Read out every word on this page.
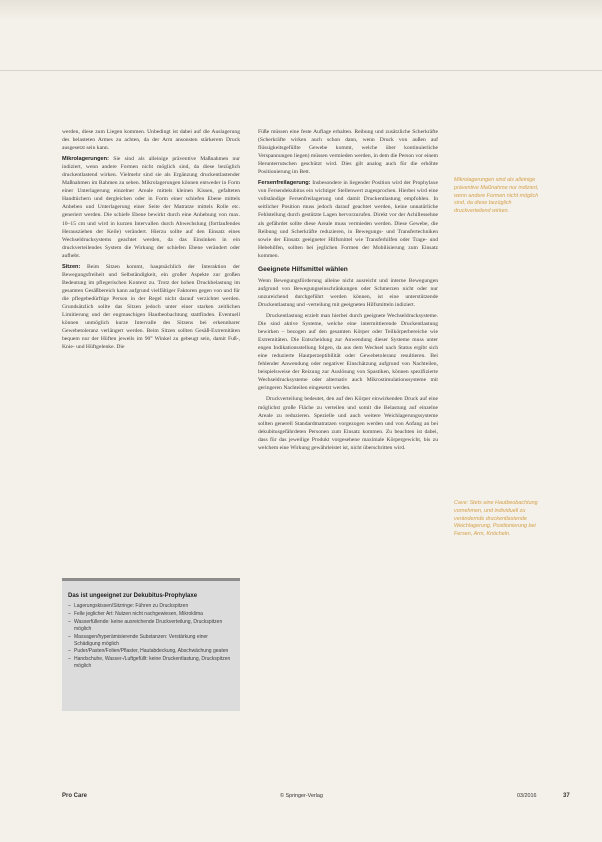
werden, diese zum Liegen kommen. Unbedingt ist dabei auf die Auslagerung des belasteten Armes zu achten, da der Arm ansonsten stärkerem Druck ausgesetzt sein kann.

Mikrolagerungen: Sie sind als alleinige präventive Maßnahmen nur indiziert, wenn andere Formen nicht möglich sind, da diese bezüglich druckentlastend wirken. Vielmehr sind sie als Ergänzung druckentlastender Maßnahmen im Rahmen zu sehen. Mikrolagerungen können entweder in Form einer Unterlagerung einzelner Areale mittels kleinen Kissen, gefalteten Handtüchern und dergleichen oder in Form einer schiefen Ebene mittels Anheben und Unterlagerung einer Seite der Matratze mittels Rolle etc. generiert werden. Die schiefe Ebene bewirkt durch eine Anhebung von max. 10–15 cm und wird in kurzen Intervallen durch Abwechslung (fortlaufendes Herausziehen der Keile) verändert. Hierzu sollte auf den Einsatz eines Wechseldrucksystems geachtet werden, da das Einsinken in ein druckverteilendes System die Wirkung der schiefen Ebene verändert oder aufhebt.

Sitzen: Beim Sitzen kommt, hauptsächlich der Interaktion der Bewegungsfreiheit und Selbständigkeit, ein großer Aspekte zur großen Bedeutung im pflegerischen Kontext zu. Trotz der hohen Druckbelastung im gesamten Gesäßbereich kann aufgrund vielfältiger Faktoren gegen von und für die pflegebedürftige Person in der Regel nicht darauf verzichtet werden. Grundsätzlich sollte das Sitzen jedoch unter einer starken zeitlichen Limitierung und der engmaschigen Hautbeobachtung stattfinden. Eventuell können unmöglich kurze Intervalle des Sitzens bei erkennbarer Gewebetoleranz verlängert werden. Beim Sitzen sollten Gesäß-Extremitäten bequem nur der Hüften jeweils im 90° Winkel zu gebeugt sein, damit Fuß-, Knie- und Hüftgelenke. Die

Füße müssen eine feste Auflage erhalten. Reibung und zusätzliche Scherkräfte (Scherkräfte wirken auch schon dann, wenn Druck von außen auf flüssigkeitsgefüllte Gewebe kommt, welche über kontinuierliche Verspannungen liegen) müssen vermieden werden, in dem die Person vor einem Herunterrutschen geschützt wird. Dies gilt analog auch für die erhöhte Positionierung im Bett.

Fersenfreilagerung: Insbesondere in liegender Position wird der Prophylaxe von Fersendekubitus ein wichtiger Stellenwert zugesprochen. Hierbei wird eine vollständige Fersenfreilagerung und damit Druckentlastung empfohlen. In seitlicher Position muss jedoch darauf geachtet werden, keine unnatürliche Fehlstellung durch gestützte Lagen hervorzurufen. Direkt vor der Achillessehne als gefährdet sollte diese Areale muss vermieden werden. Diese Gewebe, die Reibung und Scherkräfte reduzieren, in Bewegungs- und Transfertechniken sowie der Einsatz geeigneter Hilfsmittel wie Transferhilfen oder Trage- und Hebehilfen, sollten bei jeglichen Formen der Mobilisierung zum Einsatz kommen.

Geeignete Hilfsmittel wählen

Wenn Bewegungsförderung alleine nicht ausreicht und interne Bewegungen aufgrund von Bewegungseinschränkungen oder Schmerzen nicht oder nur unzureichend durchgeführt werden können, ist eine unterstützende Druckentlastung und -verteilung mit geeigneten Hilfsmitteln indiziert.

Druckentlastung erzielt man hierbei durch geeignete Wechseldrucksysteme. Die sind aktive Systeme, welche eine intermittierende Druckentlastung bewirken – bezogen auf den gesamten Körper oder Teilkörperbereiche wie Extremitäten. Die Entscheidung zur Anwendung dieser Systeme muss unter engen Indikationsstellung folgen, da aus dem Wechsel nach Status ergibt sich eine reduzierte Hautperzeptibilität oder Gewebetoleranz resultieren. Bei fehlender Anwendung oder negativer Einschätzung aufgrund von Nachteilen, beispielsweise der Reizung zur Auslösung von Spastiken, können spezifizierte Wechseldrucksysteme oder alternativ auch Mikrostimulationssysteme mit geringeren Nachteilen eingesetzt werden.

Druckverteilung bedeutet, den auf den Körper einwirkenden Druck auf eine möglichst große Fläche zu verteilen und somit die Belastung auf einzelne Areale zu reduzieren. Spezielle und auch weitere Weichlagerungssysteme sollten generell Standardmatratzen vorgezogen werden und von Anfang an bei dekubitusgefährdeten Personen zum Einsatz kommen. Zu beachten ist dabei, dass für das jeweilige Produkt vorgesehene maximale Körpergewicht, bis zu welchem eine Wirkung gewährleistet ist, nicht überschritten wird.

Mikrolagerungen sind als alleinige präventive Maßnahme nur indiziert, wenn andere Formen nicht möglich sind, da diese bezüglich druckverteilend wirken.
Cave: Stets eine Hautbeobachtung vornehmen, und individuell zu verändernde druckentlastende Weichlagerung, Positionierung bei Fersen, Arm, Knöcheln.
Das ist ungeeignet zur Dekubitus-Prophylaxe
– Lagerungskissen/Sitzringe: Führen zu Druckspitzen
– Felle jeglicher Art: Nutzen nicht nachgewiesen, Mikroklima
– Wasserfüllende: keine ausreichende Druckverteilung, Druckspitzen möglich
– Massagen/hyperämisierende Substanzen: Verstärkung einer Schädigung möglich
– Puder/Pasten/Folien/Pflaster, Hautabdeckung, Abschwächung geaten
– Handschuhe, Wasser-/Luftgefüllt: keine Druckentlastung, Druckspitzen möglich
Pro Care	© Springer-Verlag	03/2016	37
